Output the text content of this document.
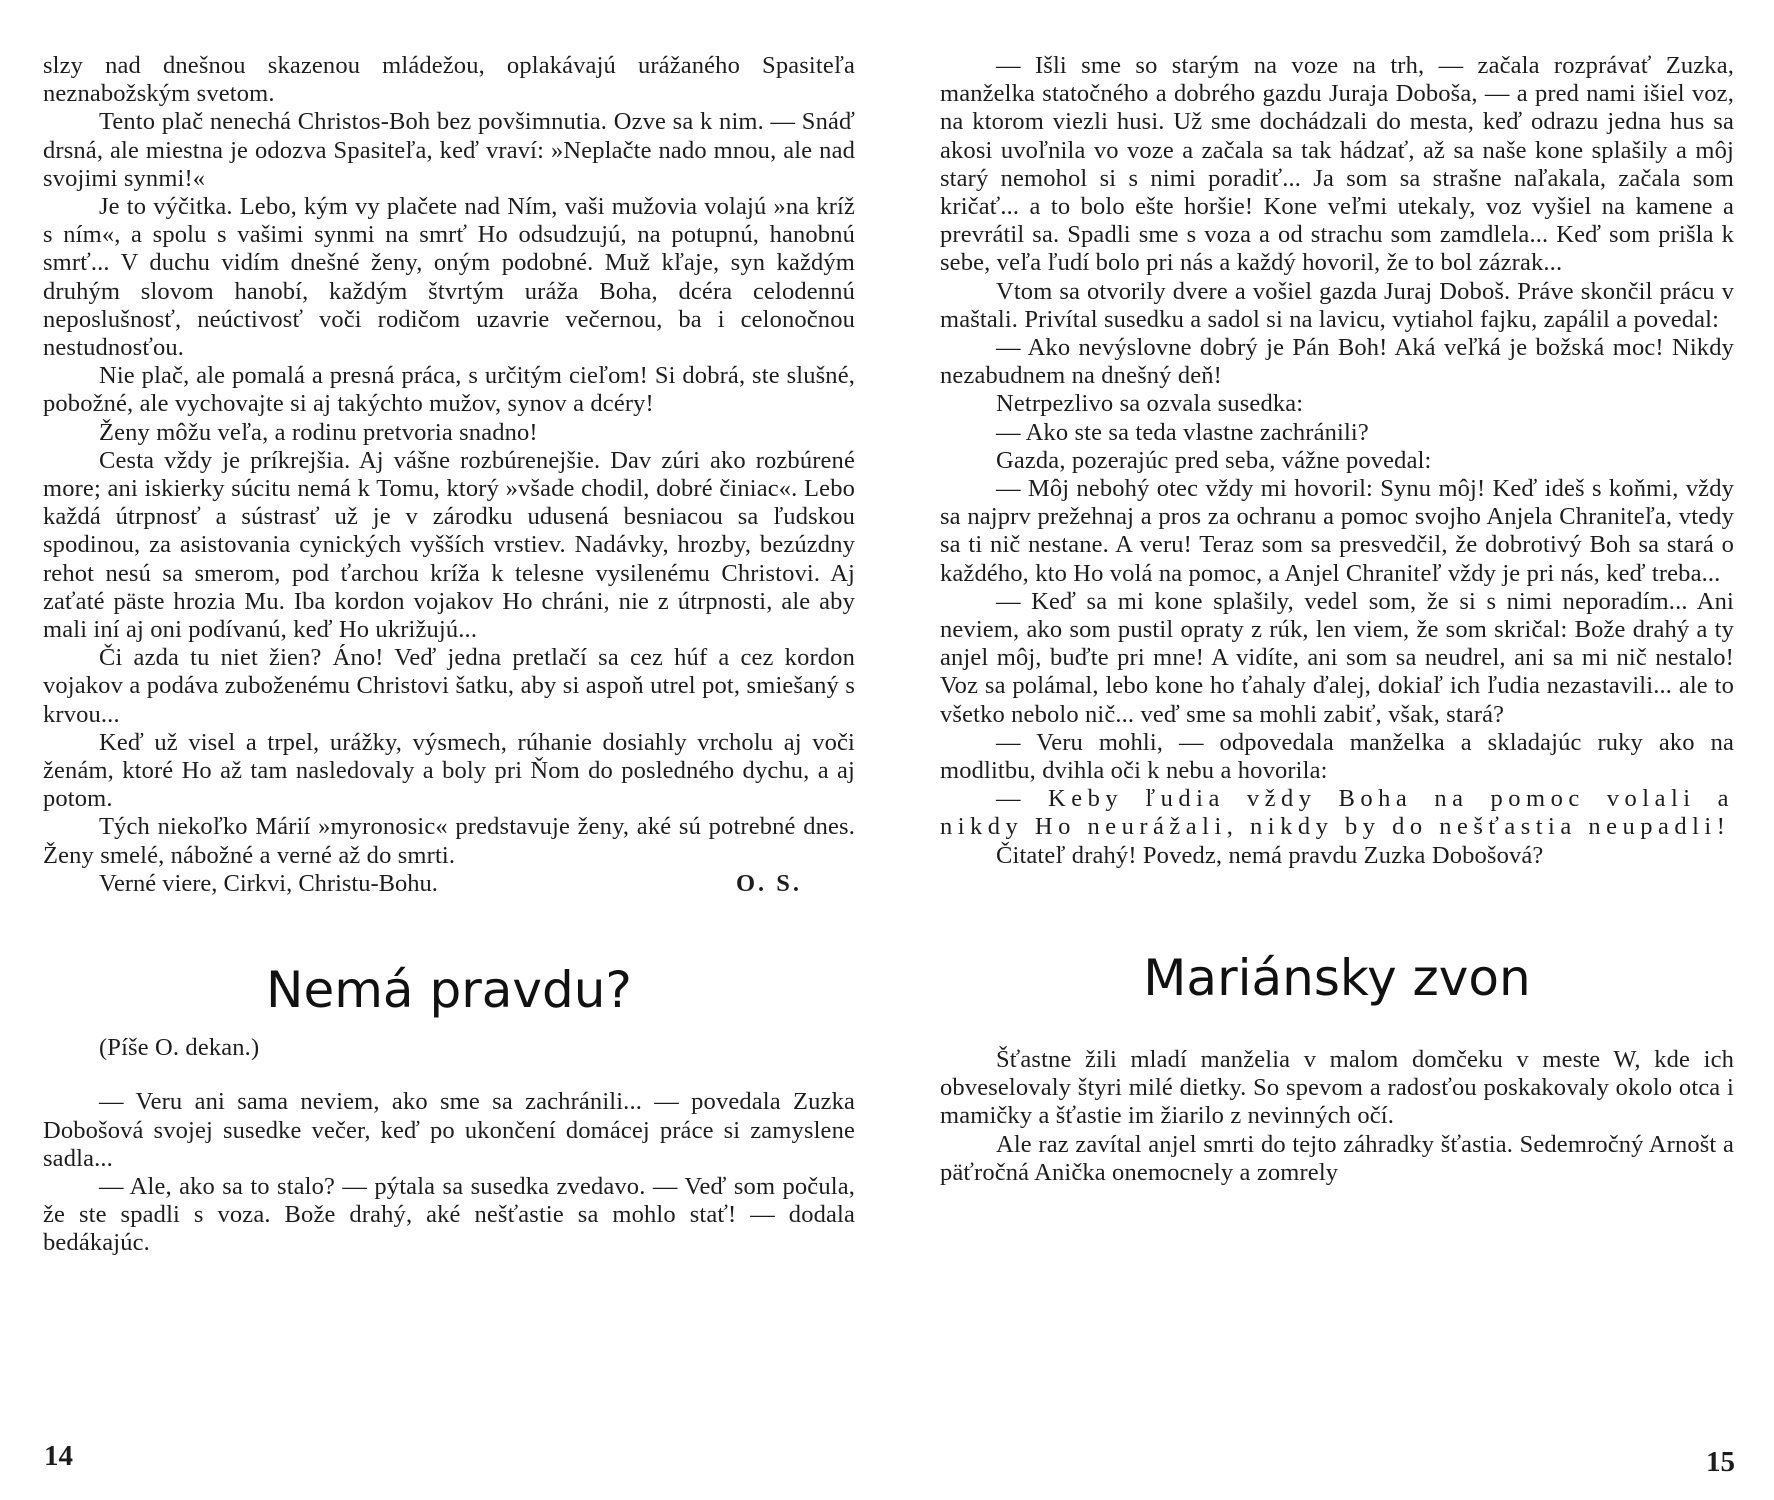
slzy nad dnešnou skazenou mládežou, oplakávajú urážaného Spasiteľa neznabožským svetom.

Tento plač nenechá Christos-Boh bez povšimnutia. Ozve sa k nim. — Snáď drsná, ale miestna je odozva Spasiteľa, keď vraví: »Neplačte nado mnou, ale nad svojimi synmi!«

Je to výčitka. Lebo, kým vy plačete nad Ním, vaši mužovia volajú »na kríž s ním«, a spolu s vašimi synmi na smrť Ho odsudzujú, na potupnú, hanobnú smrť... V duchu vidím dnešné ženy, oným podobné. Muž kľaje, syn každým druhým slovom hanobí, každým štvrtým uráža Boha, dcéra celodennú neposlušnosť, neúctivosť voči rodičom uzavrie večernou, ba i celonočnou nestudnosťou.

Nie plač, ale pomalá a presná práca, s určitým cieľom! Si dobrá, ste slušné, pobožné, ale vychovajte si aj takýchto mužov, synov a dcéry!

Ženy môžu veľa, a rodinu pretvoria snadno!

Cesta vždy je príkrejšia. Aj vášne rozbúrenejšie. Dav zúri ako rozbúrené more; ani iskierky súcitu nemá k Tomu, ktorý »všade chodil, dobré činiac«. Lebo každá útrpnosť a sústrasť už je v zárodku udusená besniacou sa ľudskou spodinou, za asistovania cynických vyšších vrstiev. Nadávky, hrozby, bezúzdny rehot nesú sa smerom, pod ťarchou kríža k telesne vysilenému Christovi. Aj zaťaté päste hrozia Mu. Iba kordon vojakov Ho chráni, nie z útrpnosti, ale aby mali iní aj oni podívanú, keď Ho ukrižujú...

Či azda tu niet žien? Áno! Veď jedna pretlačí sa cez húf a cez kordon vojakov a podáva zuboženému Christovi šatku, aby si aspoň utrel pot, smiešaný s krvou...

Keď už visel a trpel, urážky, výsmech, rúhanie dosiahly vrcholu aj voči ženám, ktoré Ho až tam nasledovaly a boly pri Ňom do posledného dychu, a aj potom.

Tých niekoľko Márií »myronosic« predstavuje ženy, aké sú potrebné dnes. Ženy smelé, nábožné a verné až do smrti.

Verné viere, Cirkvi, Christu-Bohu.	O. S.
Nemá pravdu?

(Píše O. dekan.)

— Veru ani sama neviem, ako sme sa zachránili... — povedala Zuzka Dobošová svojej susedke večer, keď po ukončení domácej práce si zamyslene sadla...

— Ale, ako sa to stalo? — pýtala sa susedka zvedavo. — Veď som počula, že ste spadli s voza. Bože drahý, aké nešťastie sa mohlo stať! — dodala bedákajúc.

14

— Išli sme so starým na voze na trh, — začala rozprávať Zuzka, manželka statočného a dobrého gazdu Juraja Doboša, — a pred nami išiel voz, na ktorom viezli husi. Už sme dochádzali do mesta, keď odrazu jedna hus sa akosi uvoľnila vo voze a začala sa tak hádzať, až sa naše kone splašily a môj starý nemohol si s nimi poradiť... Ja som sa strašne naľakala, začala som kričať... a to bolo ešte horšie! Kone veľmi utekaly, voz vyšiel na kamene a prevrátil sa. Spadli sme s voza a od strachu som zamdlela... Keď som prišla k sebe, veľa ľudí bolo pri nás a každý hovoril, že to bol zázrak...

Vtom sa otvorily dvere a vošiel gazda Juraj Doboš. Práve skončil prácu v maštali. Privítal susedku a sadol si na lavicu, vytiahol fajku, zapálil a povedal:

— Ako nevýslovne dobrý je Pán Boh! Aká veľká je božská moc! Nikdy nezabudnem na dnešný deň!

Netrpezlivo sa ozvala susedka:

— Ako ste sa teda vlastne zachránili?

Gazda, pozerajúc pred seba, vážne povedal:

— Môj nebohý otec vždy mi hovoril: Synu môj! Keď ideš s koňmi, vždy sa najprv prežehnaj a pros za ochranu a pomoc svojho Anjela Chraniteľa, vtedy sa ti nič nestane. A veru! Teraz som sa presvedčil, že dobrotivý Boh sa stará o každého, kto Ho volá na pomoc, a Anjel Chraniteľ vždy je pri nás, keď treba...

— Keď sa mi kone splašily, vedel som, že si s nimi neporadím... Ani neviem, ako som pustil opraty z rúk, len viem, že som skričal: Bože drahý a ty anjel môj, buďte pri mne! A vidíte, ani som sa neudrel, ani sa mi nič nestalo! Voz sa polámal, lebo kone ho ťahaly ďalej, dokiaľ ich ľudia nezastavili... ale to všetko nebolo nič... veď sme sa mohli zabiť, však, stará?

— Veru mohli, — odpovedala manželka a skladajúc ruky ako na modlitbu, dvihla oči k nebu a hovorila:

— Keby ľudia vždy Boha na pomoc volali a nikdy Ho neurážali, nikdy by do nešťastia neupadli!

Čitateľ drahý! Povedz, nemá pravdu Zuzka Dobošová?

Mariánsky zvon

Šťastne žili mladí manželia v malom domčeku v meste W, kde ich obveselovaly štyri milé dietky. So spevom a radosťou poskakovaly okolo otca i mamičky a šťastie im žiarilo z nevinných očí.

Ale raz zavítal anjel smrti do tejto záhradky šťastia. Sedemročný Arnošt a päťročná Anička onemocnely a zomrely

15
